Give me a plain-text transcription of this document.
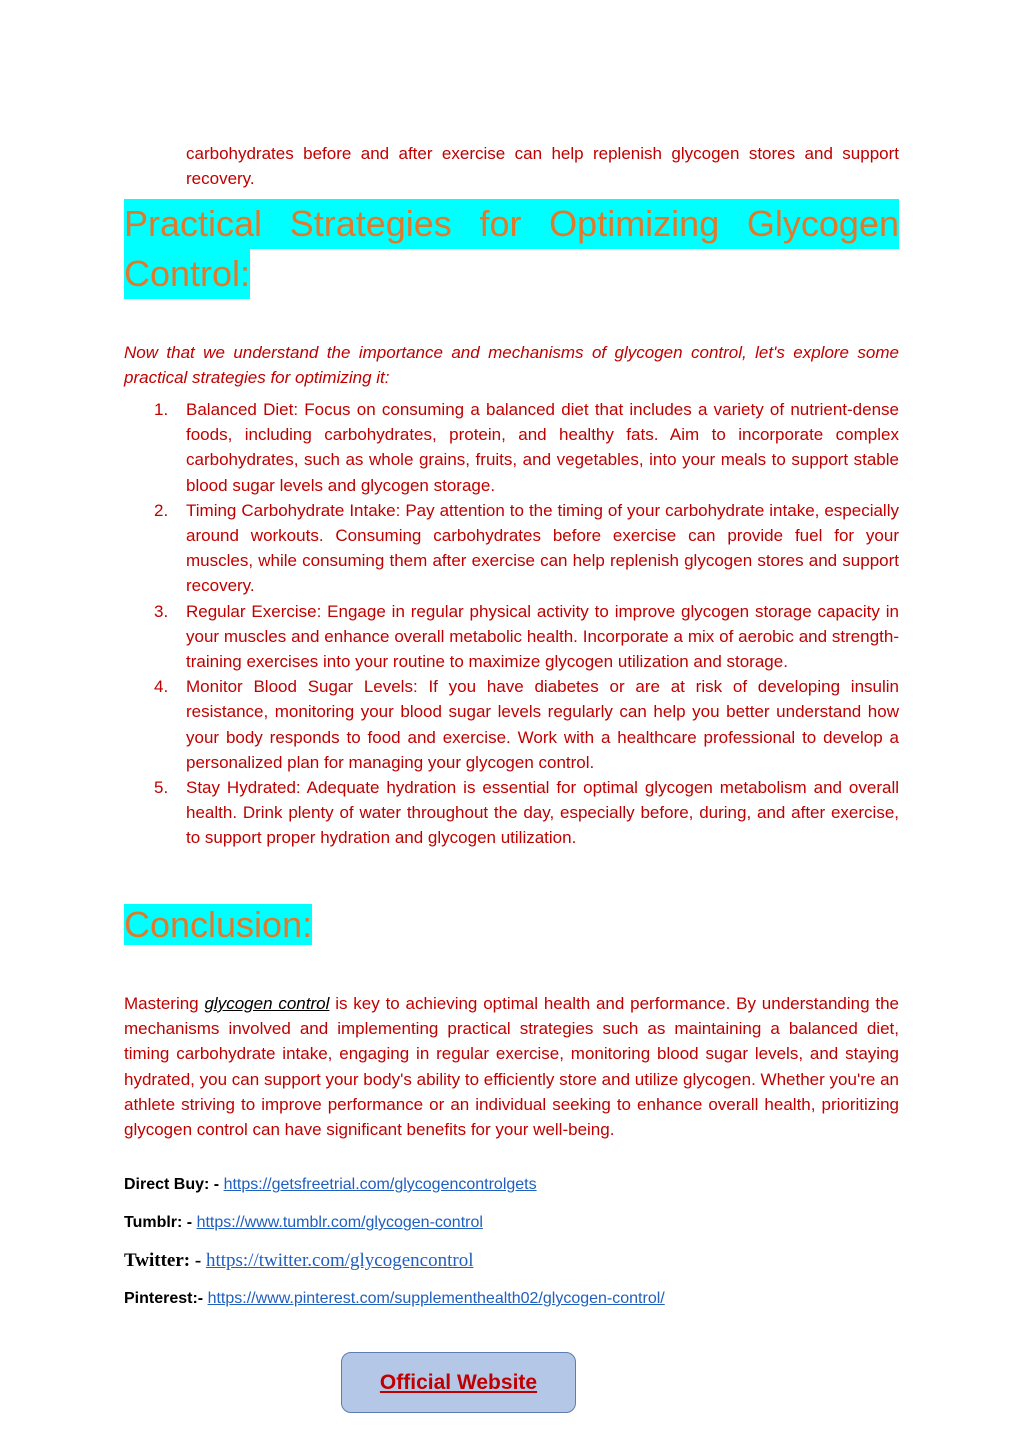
carbohydrates before and after exercise can help replenish glycogen stores and support recovery.

Practical Strategies for Optimizing Glycogen
Control:

Now that we understand the importance and mechanisms of glycogen control, let's explore some practical strategies for optimizing it:

1. Balanced Diet: Focus on consuming a balanced diet that includes a variety of nutrient-dense foods, including carbohydrates, protein, and healthy fats. Aim to incorporate complex carbohydrates, such as whole grains, fruits, and vegetables, into your meals to support stable blood sugar levels and glycogen storage.
2. Timing Carbohydrate Intake: Pay attention to the timing of your carbohydrate intake, especially around workouts. Consuming carbohydrates before exercise can provide fuel for your muscles, while consuming them after exercise can help replenish glycogen stores and support recovery.
3. Regular Exercise: Engage in regular physical activity to improve glycogen storage capacity in your muscles and enhance overall metabolic health. Incorporate a mix of aerobic and strength-training exercises into your routine to maximize glycogen utilization and storage.
4. Monitor Blood Sugar Levels: If you have diabetes or are at risk of developing insulin resistance, monitoring your blood sugar levels regularly can help you better understand how your body responds to food and exercise. Work with a healthcare professional to develop a personalized plan for managing your glycogen control.
5. Stay Hydrated: Adequate hydration is essential for optimal glycogen metabolism and overall health. Drink plenty of water throughout the day, especially before, during, and after exercise, to support proper hydration and glycogen utilization.
Conclusion:

Mastering glycogen control is key to achieving optimal health and performance. By understanding the mechanisms involved and implementing practical strategies such as maintaining a balanced diet, timing carbohydrate intake, engaging in regular exercise, monitoring blood sugar levels, and staying hydrated, you can support your body's ability to efficiently store and utilize glycogen. Whether you're an athlete striving to improve performance or an individual seeking to enhance overall health, prioritizing glycogen control can have significant benefits for your well-being.

Direct Buy: - https://getsfreetrial.com/glycogencontrolgets
Tumblr: - https://www.tumblr.com/glycogen-control
Twitter: - https://twitter.com/glycogencontrol
Pinterest:- https://www.pinterest.com/supplementhealth02/glycogen-control/
Official Website
